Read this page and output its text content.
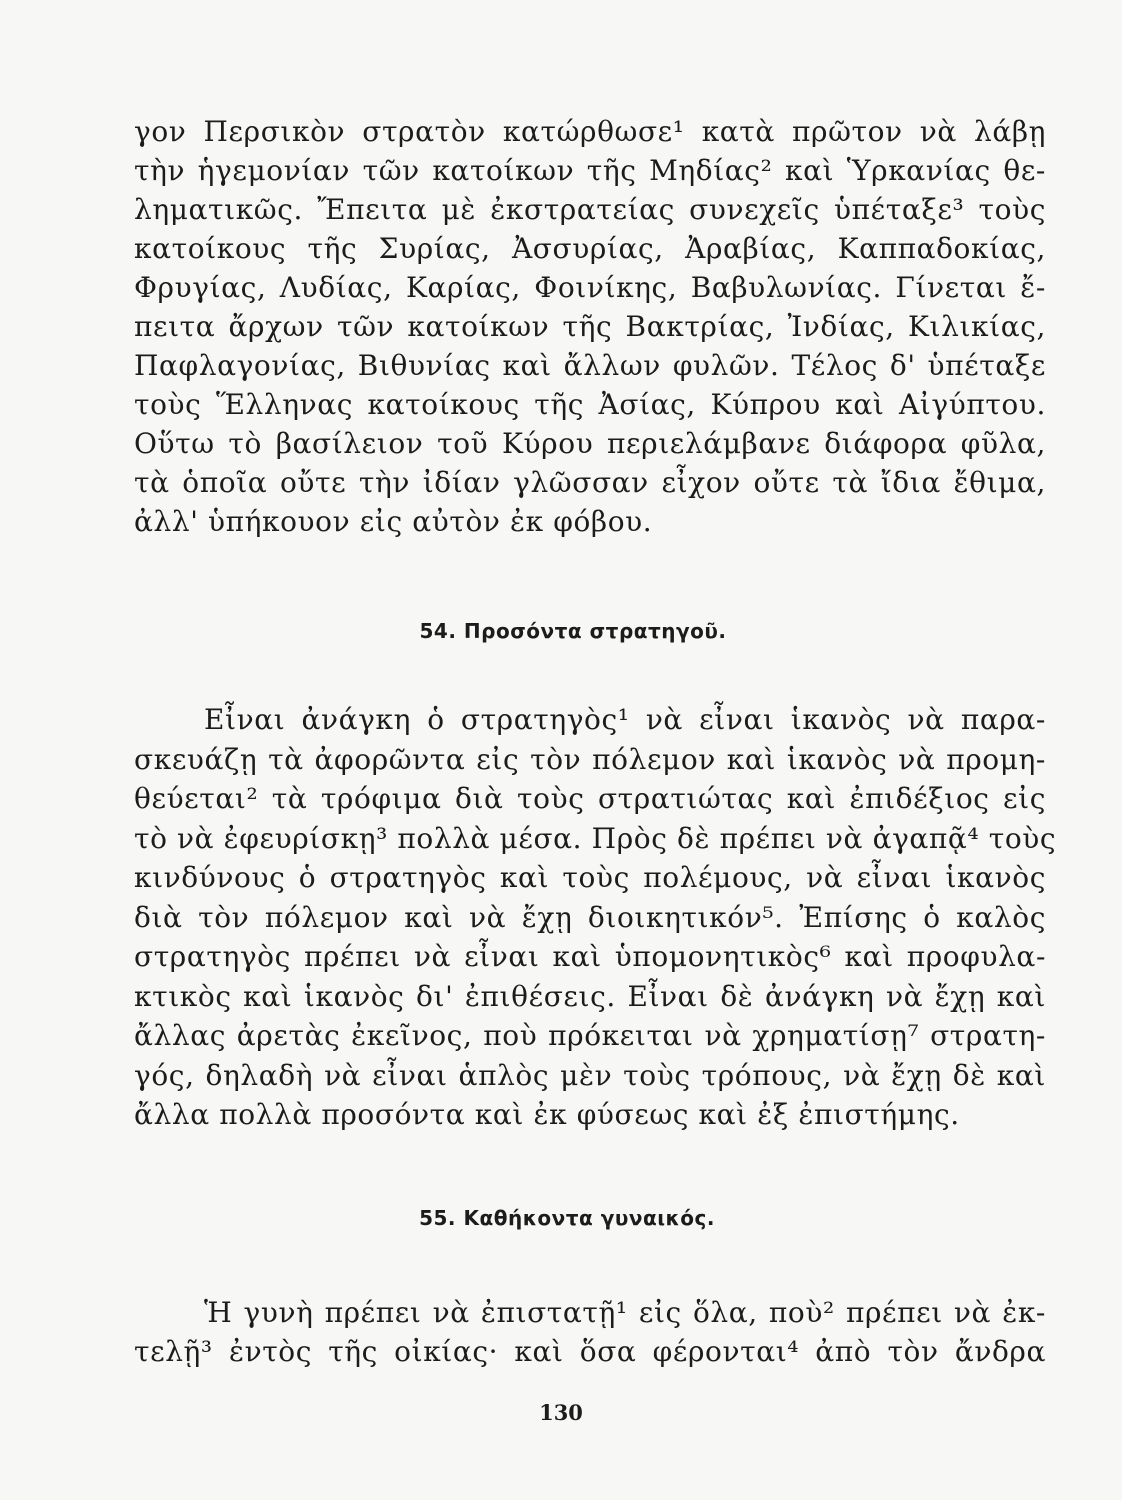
γον Περσικὸν στρατὸν κατώρθωσε¹ κατὰ πρῶτον νὰ λάβῃ
τὴν ἡγεμονίαν τῶν κατοίκων τῆς Μηδίας² καὶ Ὑρκανίας θε-
ληματικῶς. Ἔπειτα μὲ ἐκστρατείας συνεχεῖς ὑπέταξε³ τοὺς
κατοίκους τῆς Συρίας, Ἀσσυρίας, Ἀραβίας, Καππαδοκίας,
Φρυγίας, Λυδίας, Καρίας, Φοινίκης, Βαβυλωνίας. Γίνεται ἔ-
πειτα ἄρχων τῶν κατοίκων τῆς Βακτρίας, Ἰνδίας, Κιλικίας,
Παφλαγονίας, Βιθυνίας καὶ ἄλλων φυλῶν. Τέλος δ' ὑπέταξε
τοὺς Ἕλληνας κατοίκους τῆς Ἀσίας, Κύπρου καὶ Αἰγύπτου.
Οὕτω τὸ βασίλειον τοῦ Κύρου περιελάμβανε διάφορα φῦλα,
τὰ ὁποῖα οὔτε τὴν ἰδίαν γλῶσσαν εἶχον οὔτε τὰ ἴδια ἔθιμα,
ἀλλ' ὑπήκουον εἰς αὐτὸν ἐκ φόβου.
54. Προσόντα στρατηγοῦ.
Εἶναι ἀνάγκη ὁ στρατηγὸς¹ νὰ εἶναι ἱκανὸς νὰ παρα-
σκευάζῃ τὰ ἀφορῶντα εἰς τὸν πόλεμον καὶ ἱκανὸς νὰ προμη-
θεύεται² τὰ τρόφιμα διὰ τοὺς στρατιώτας καὶ ἐπιδέξιος εἰς
τὸ νὰ ἐφευρίσκῃ³ πολλὰ μέσα. Πρὸς δὲ πρέπει νὰ ἀγαπᾷ⁴ τοὺς
κινδύνους ὁ στρατηγὸς καὶ τοὺς πολέμους, νὰ εἶναι ἱκανὸς
διὰ τὸν πόλεμον καὶ νὰ ἔχῃ διοικητικόν⁵. Ἐπίσης ὁ καλὸς
στρατηγὸς πρέπει νὰ εἶναι καὶ ὑπομονητικὸς⁶ καὶ προφυλα-
κτικὸς καὶ ἱκανὸς δι' ἐπιθέσεις. Εἶναι δὲ ἀνάγκη νὰ ἔχῃ καὶ
ἄλλας ἀρετὰς ἐκεῖνος, ποὺ πρόκειται νὰ χρηματίσῃ⁷ στρατη-
γός, δηλαδὴ νὰ εἶναι ἁπλὸς μὲν τοὺς τρόπους, νὰ ἔχῃ δὲ καὶ
ἄλλα πολλὰ προσόντα καὶ ἐκ φύσεως καὶ ἐξ ἐπιστήμης.
55. Καθήκοντα γυναικός.
Ἡ γυνὴ πρέπει νὰ ἐπιστατῇ¹ εἰς ὅλα, ποὺ² πρέπει νὰ ἐκ-
τελῇ³ ἐντὸς τῆς οἰκίας· καὶ ὅσα φέρονται⁴ ἀπὸ τὸν ἄνδρα
130
